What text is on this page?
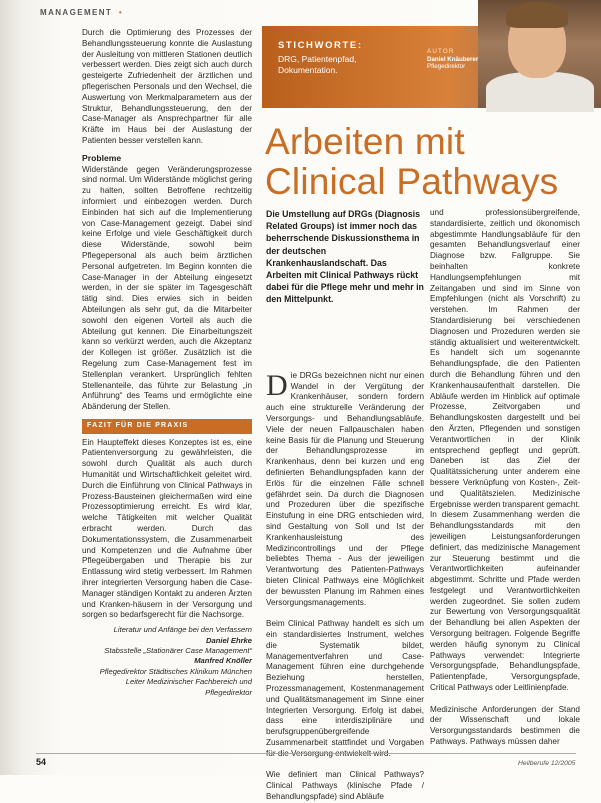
MANAGEMENT •

Durch die Optimierung des Prozesses der Behandlungssteuerung konnte die Auslastung der Ausleitung von mittleren Stationen deutlich verbessert werden. Dies zeigt sich auch durch gesteigerte Zufriedenheit der ärztlichen und pflegerischen Personals und den Wechsel, die Auswertung von Merkmalparametern aus der Struktur, Behandlungssteuerung, den der Case-Manager als Ansprechpartner für alle Kräfte im Haus bei der Auslastung der Patienten besser verstellen kann.

Probleme

Widerstände gegen Veränderungsprozesse sind normal. Um Widerstände möglichst gering zu halten, sollten Betroffene rechtzeitig informiert und einbezogen werden. Durch Einbinden hat sich auf die Implementierung von Case-Management gezeigt. Dabei sind keine Erfolge und viele Geschäftigkeit durch diese Widerstände, sowohl beim Pflegepersonal als auch beim ärztlichen Personal aufgetreten. Im Beginn konnten die Case-Manager in der Abteilung eingesetzt werden, in der sie später im Tagesgeschäft tätig sind. Dies erwies sich in beiden Abteilungen als sehr gut, da die Mitarbeiter sowohl den eigenen Vorteil als auch die Abteilung gut kennen. Die Einarbeitungszeit kann so verkürzt werden, auch die Akzeptanz der Kollegen ist größer. Zusätzlich ist die Regelung zum Case-Management fest im Stellenplan verankert. Ursprünglich fehlten Stellenanteile, das führte zur Belastung „in Anführung“ des Teams und ermöglichte eine Abänderung der Stellen.

FAZIT FÜR DIE PRAXIS

Ein Haupteffekt dieses Konzeptes ist es, eine Patientenversorgung zu gewährleisten, die sowohl durch Qualität als auch durch Humanität und Wirtschaftlichkeit geleitet wird. Durch die Einführung von Clinical Pathways in Prozess-Bausteinen gleichermaßen wird eine Prozessoptimierung erreicht. Es wird klar, welche Tätigkeiten mit welcher Qualität erbracht werden. Durch das Dokumentationssystem, die Zusammenarbeit und Kompetenzen und die Aufnahme über Pflegeübergaben und Therapie bis zur Entlassung wird stetig verbessert. Im Rahmen ihrer integrierten Versorgung haben die Case-Manager ständigen Kontakt zu anderen Ärzten und Kranken-häusern in der Versorgung und sorgen so bedarfsgerecht für die Nachsorge.

Literatur und Anfänge bei den Verfassern
Daniel Ehrke
Stabsstelle „Stationärer Case Management“
Manfred Knöller
Pflegedirektor Städtisches Klinikum München
Leiter Medizinischer Fachbereich und Pflegedirektor
STICHWORTE:
DRG, Patientenpfad, Dokumentation.
AUTOR
Daniel Knäuberer
Pflegedirektor
Arbeiten mit
Clinical Pathways
Die Umstellung auf DRGs (Diagnosis Related Groups) ist immer noch das beherrschende Diskussionsthema in der deutschen Krankenhauslandschaft. Das Arbeiten mit Clinical Pathways rückt dabei für die Pflege mehr und mehr in den Mittelpunkt.

Die DRGs bezeichnen nicht nur einen Wandel in der Vergütung der Krankenhäuser, sondern fordern auch eine strukturelle Veränderung der Versorgungs- und Behandlungsabläufe. Viele der neuen Fallpauschalen haben keine Basis für die Planung und Steuerung der Behandlungsprozesse im Krankenhaus, denn bei kurzen und eng definierten Behandlungspfaden kann der Erlös für die einzelnen Fälle schnell gefährdet sein. Da durch die Diagnosen und Prozeduren über die spezifische Einstufung in eine DRG entschieden wird, sind Gestaltung von Soll und Ist der Krankenhausleistung des Medizincontrollings und der Pflege beliebtes Thema - Aus der jeweiligen Verantwortung des Patienten-Pathways bieten Clinical Pathways eine Möglichkeit der bewussten Planung im Rahmen eines Versorgungsmanagements.

Beim Clinical Pathway handelt es sich um ein standardisiertes Instrument, welches die Systematik bildet, Managementverfahren und Case-Management führen eine durchgehende Beziehung herstellen, Prozessmanagement, Kostenmanagement und Qualitätsmanagement im Sinne einer Integrierten Versorgung. Erfolg ist dabei, dass eine interdisziplinäre und berufsgruppenübergreifende Zusammenarbeit stattfindet und Vorgaben

Wie definiert man Clinical Pathways? Clinical Pathways (klinische Pfade / Behandlungspfade) sind Abläufe

und professionsübergreifende, standardisierte, zeitlich und ökonomisch abgestimmte Handlungsabläufe für den gesamten Behandlungsverlauf einer Diagnose bzw. Fallgruppe. Sie beinhalten konkrete Handlungsempfehlungen mit Zeitangaben und sind im Sinne von Empfehlungen (nicht als Vorschrift) zu verstehen. Im Rahmen der Standardisierung bei verschiedenen Diagnosen und Prozeduren werden sie ständig aktualisiert und weiterentwickelt. Es handelt sich um sogenannte Behandlungspfade, die den Patienten durch die Behandlung führen und den Krankenhausaufenthalt darstellen. Die Abläufe werden im Hinblick auf optimale Prozesse, Zeitvorgaben und Behandlungskosten dargestellt und bei den Ärzten, Pflegenden und sonstigen Verantwortlichen in der Klinik entsprechend gepflegt und geprüft. Daneben ist das Ziel der Qualitätssicherung unter anderem eine bessere Verknüpfung von Kosten-, Zeit- und Qualitätszielen. Medizinische Ergebnisse werden transparent gemacht. In diesem Zusammenhang werden die Behandlungsstandards mit den jeweiligen Leistungsanforderungen definiert, das medizinische Management zur Steuerung bestimmt und die Verantwortlichkeiten aufeinander abgestimmt. Schritte und Pfade werden festgelegt und Verantwortlichkeiten werden zugeordnet. Sie sollen zudem zur Bewertung von Versorgungsqualität der Behandlung bei allen Aspekten der Versorgung beitragen. Folgende Begriffe werden häufig synonym zu Clinical Pathways verwendet: Integrierte Versorgungspfade, Behandlungspfade, Patientenpfade, Versorgungspfade, Critical Pathways oder Leitlinienpfade.

Medizinische Anforderungen der Stand der Wissenschaft und lokale Versorgungsstandards bestimmen die Pathways. Pathways müssen daher
54	Heilberufe 12/2005
